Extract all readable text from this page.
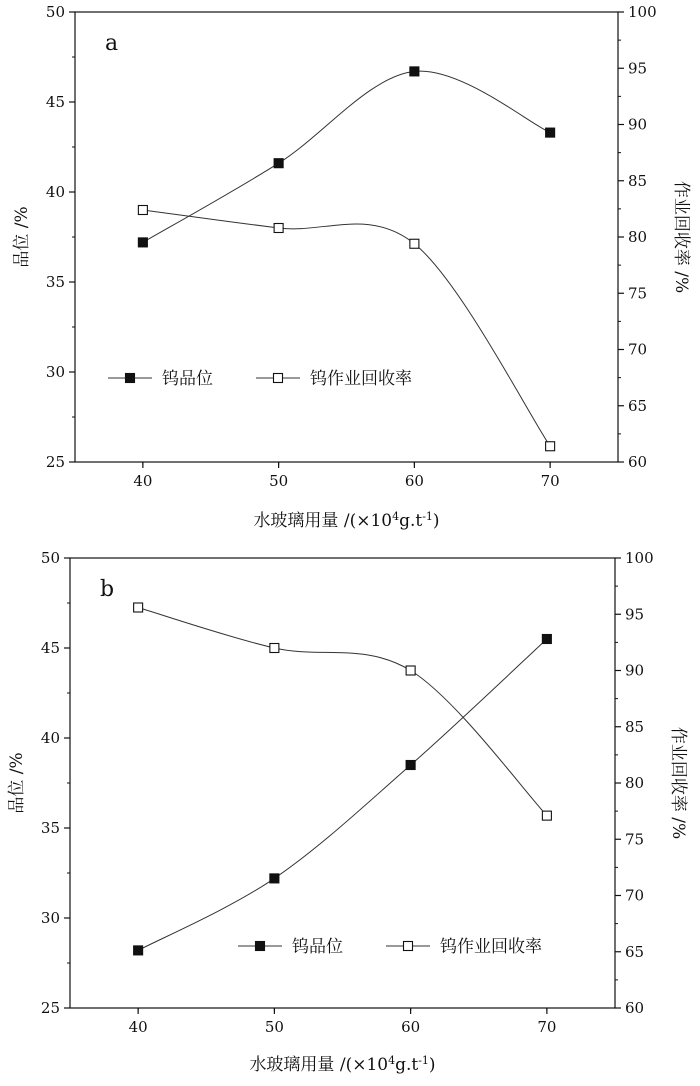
40	50	60	70
25
30
35
40
45
50
60
65
70
75
80
85
90
95
100
水玻璃用量 /(×104g.t-1)
品位 /%	作业回收率 /%
a
钨品位	钨作业回收率
40	50	60	70
25
30
35
40
45
50
60
65
70
75
80
85
90
95
100
水玻璃用量 /(×104g.t-1)
品位 /%	作业回收率 /%
b
钨品位	钨作业回收率
